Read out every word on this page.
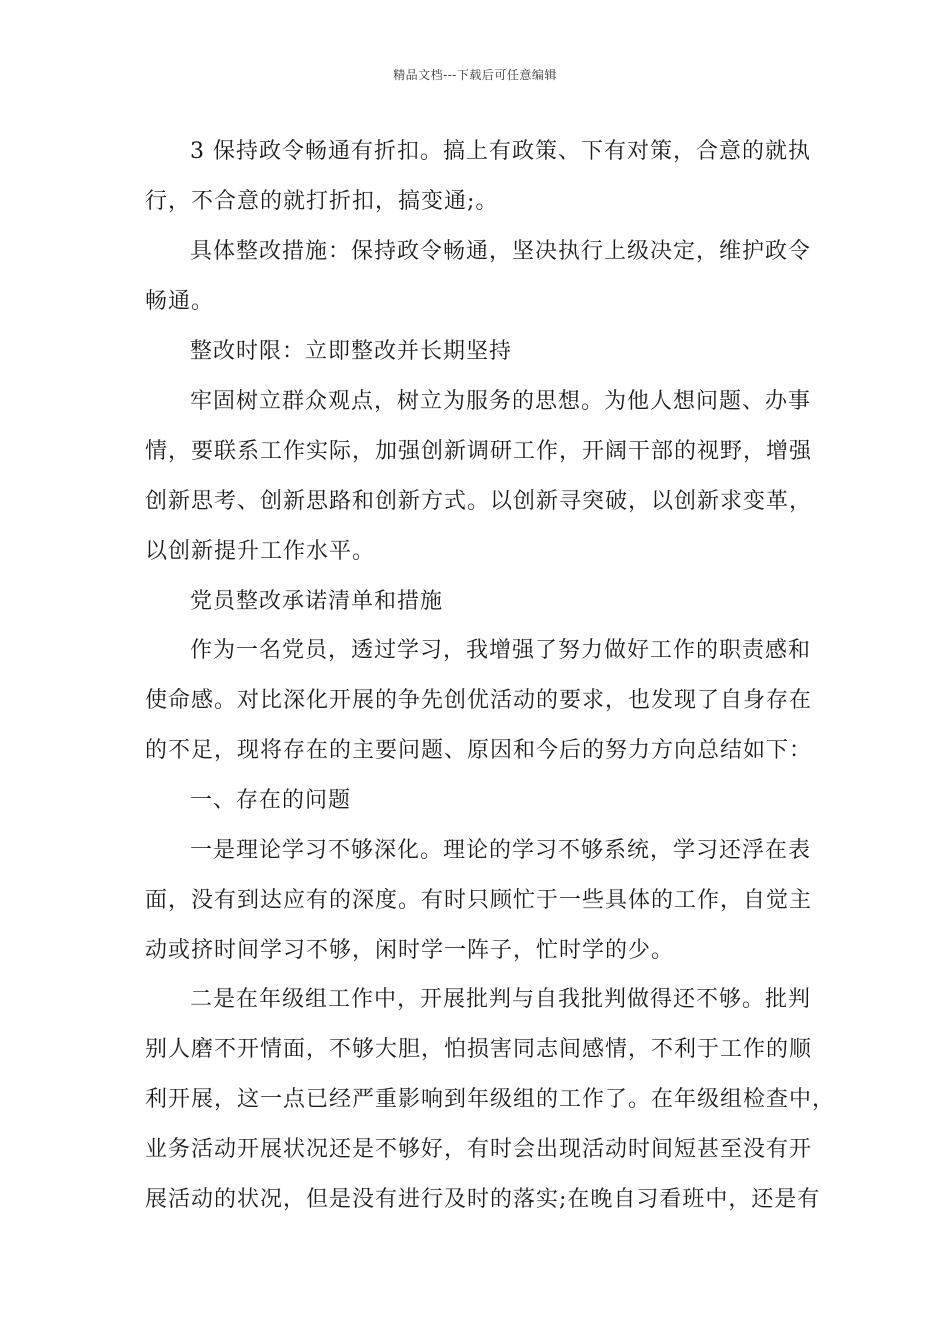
精品文档---下载后可任意编辑
3 保持政令畅通有折扣。搞上有政策、下有对策，合意的就执
行，不合意的就打折扣，搞变通;。
具体整改措施：保持政令畅通，坚决执行上级决定，维护政令
畅通。
整改时限：立即整改并长期坚持
牢固树立群众观点，树立为服务的思想。为他人想问题、办事
情，要联系工作实际，加强创新调研工作，开阔干部的视野，增强
创新思考、创新思路和创新方式。以创新寻突破，以创新求变革，
以创新提升工作水平。
党员整改承诺清单和措施
作为一名党员，透过学习，我增强了努力做好工作的职责感和
使命感。对比深化开展的争先创优活动的要求，也发现了自身存在
的不足，现将存在的主要问题、原因和今后的努力方向总结如下：
一、存在的问题
一是理论学习不够深化。理论的学习不够系统，学习还浮在表
面，没有到达应有的深度。有时只顾忙于一些具体的工作，自觉主
动或挤时间学习不够，闲时学一阵子，忙时学的少。
二是在年级组工作中，开展批判与自我批判做得还不够。批判
别人磨不开情面，不够大胆，怕损害同志间感情，不利于工作的顺
利开展，这一点已经严重影响到年级组的工作了。在年级组检查中，
业务活动开展状况还是不够好，有时会出现活动时间短甚至没有开
展活动的状况，但是没有进行及时的落实;在晚自习看班中，还是有
